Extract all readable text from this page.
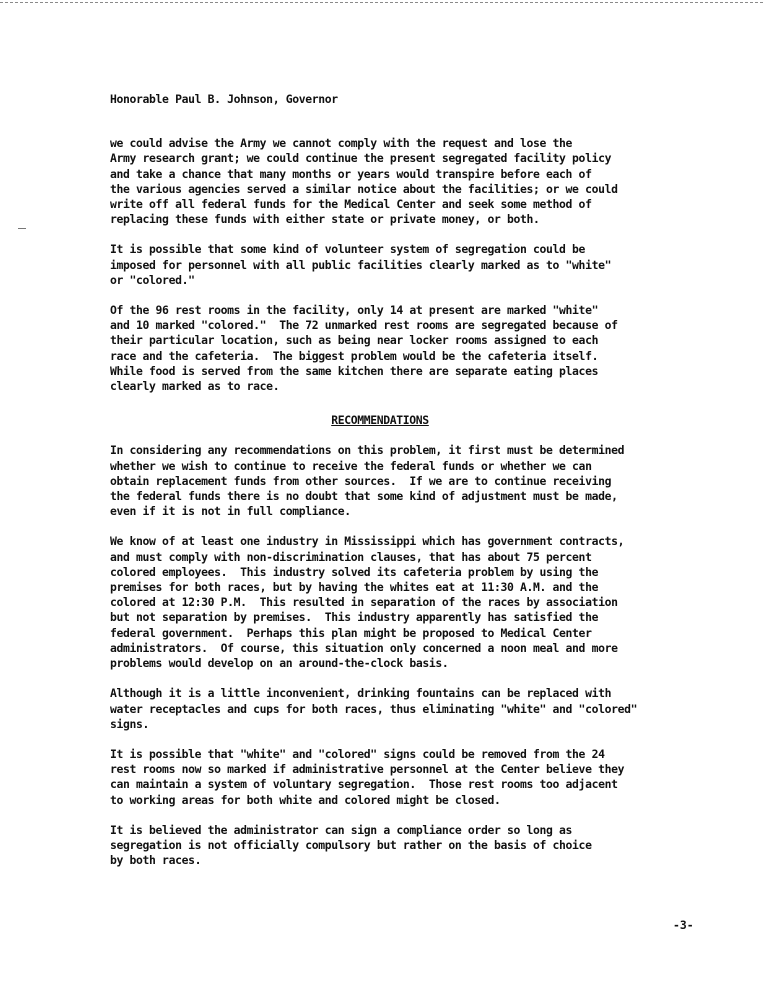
Honorable Paul B. Johnson, Governor
we could advise the Army we cannot comply with the request and lose the
Army research grant; we could continue the present segregated facility policy
and take a chance that many months or years would transpire before each of
the various agencies served a similar notice about the facilities; or we could
write off all federal funds for the Medical Center and seek some method of
replacing these funds with either state or private money, or both.
It is possible that some kind of volunteer system of segregation could be
imposed for personnel with all public facilities clearly marked as to "white"
or "colored."
Of the 96 rest rooms in the facility, only 14 at present are marked "white"
and 10 marked "colored."  The 72 unmarked rest rooms are segregated because of
their particular location, such as being near locker rooms assigned to each
race and the cafeteria.  The biggest problem would be the cafeteria itself.
While food is served from the same kitchen there are separate eating places
clearly marked as to race.
RECOMMENDATIONS
In considering any recommendations on this problem, it first must be determined
whether we wish to continue to receive the federal funds or whether we can
obtain replacement funds from other sources.  If we are to continue receiving
the federal funds there is no doubt that some kind of adjustment must be made,
even if it is not in full compliance.
We know of at least one industry in Mississippi which has government contracts,
and must comply with non-discrimination clauses, that has about 75 percent
colored employees.  This industry solved its cafeteria problem by using the
premises for both races, but by having the whites eat at 11:30 A.M. and the
colored at 12:30 P.M.  This resulted in separation of the races by association
but not separation by premises.  This industry apparently has satisfied the
federal government.  Perhaps this plan might be proposed to Medical Center
administrators.  Of course, this situation only concerned a noon meal and more
problems would develop on an around-the-clock basis.
Although it is a little inconvenient, drinking fountains can be replaced with
water receptacles and cups for both races, thus eliminating "white" and "colored"
signs.
It is possible that "white" and "colored" signs could be removed from the 24
rest rooms now so marked if administrative personnel at the Center believe they
can maintain a system of voluntary segregation.  Those rest rooms too adjacent
to working areas for both white and colored might be closed.
It is believed the administrator can sign a compliance order so long as
segregation is not officially compulsory but rather on the basis of choice
by both races.
-3-
